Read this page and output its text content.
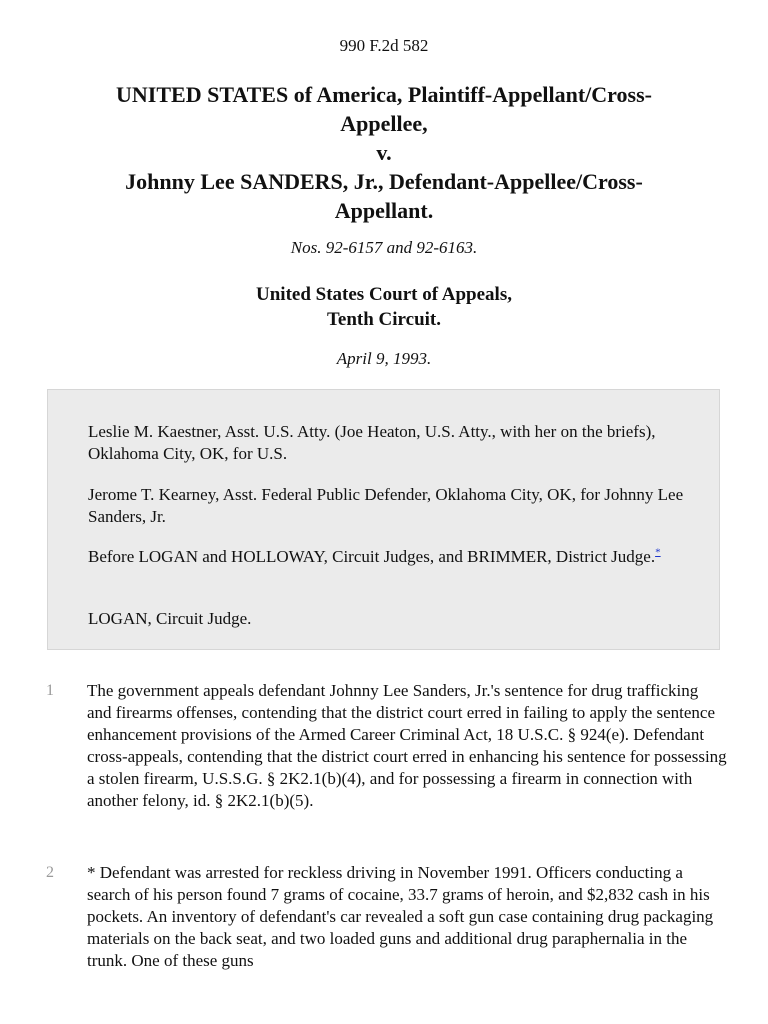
990 F.2d 582
UNITED STATES of America, Plaintiff-Appellant/Cross-
Appellee,
v.
Johnny Lee SANDERS, Jr., Defendant-Appellee/Cross-
Appellant.
Nos. 92-6157 and 92-6163.
United States Court of Appeals,
Tenth Circuit.
April 9, 1993.

Leslie M. Kaestner, Asst. U.S. Atty. (Joe Heaton, U.S. Atty., with her on the briefs), Oklahoma City, OK, for U.S.

Jerome T. Kearney, Asst. Federal Public Defender, Oklahoma City, OK, for Johnny Lee Sanders, Jr.

Before LOGAN and HOLLOWAY, Circuit Judges, and BRIMMER, District Judge.*

LOGAN, Circuit Judge.

1	The government appeals defendant Johnny Lee Sanders, Jr.'s sentence for drug trafficking and firearms offenses, contending that the district court erred in failing to apply the sentence enhancement provisions of the Armed Career Criminal Act, 18 U.S.C. § 924(e). Defendant cross-appeals, contending that the district court erred in enhancing his sentence for possessing a stolen firearm, U.S.S.G. § 2K2.1(b)(4), and for possessing a firearm in connection with another felony, id. § 2K2.1(b)(5).

2	* Defendant was arrested for reckless driving in November 1991. Officers conducting a search of his person found 7 grams of cocaine, 33.7 grams of heroin, and $2,832 cash in his pockets. An inventory of defendant's car revealed a soft gun case containing drug packaging materials on the back seat, and two loaded guns and additional drug paraphernalia in the trunk. One of these guns
